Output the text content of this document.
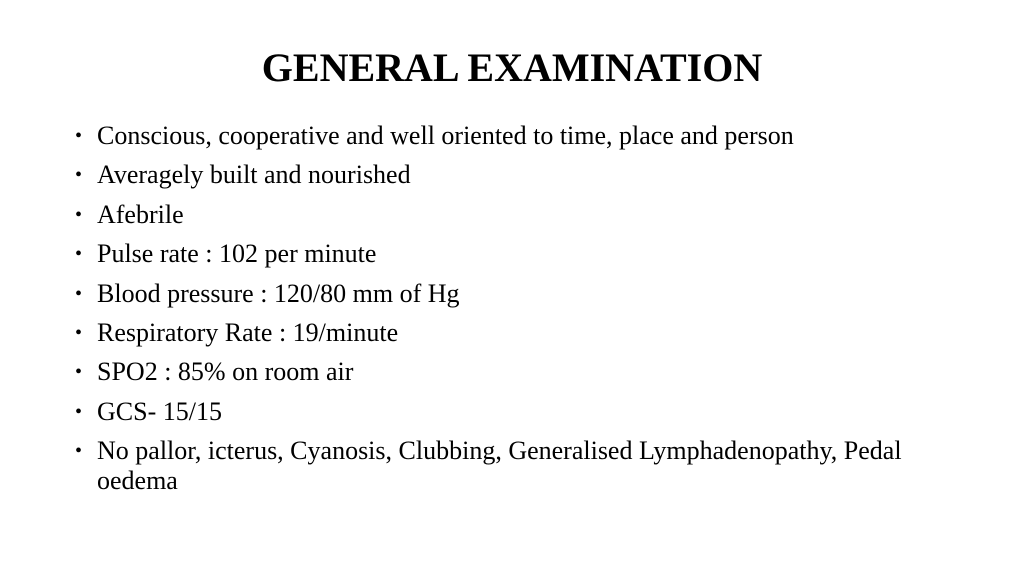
GENERAL EXAMINATION
• Conscious, cooperative and well oriented to time, place and person
• Averagely built and nourished
• Afebrile
• Pulse rate : 102 per minute
• Blood pressure : 120/80 mm of Hg
• Respiratory Rate : 19/minute
• SPO2 : 85% on room air
• GCS- 15/15
• No pallor, icterus, Cyanosis, Clubbing, Generalised Lymphadenopathy, Pedal oedema
